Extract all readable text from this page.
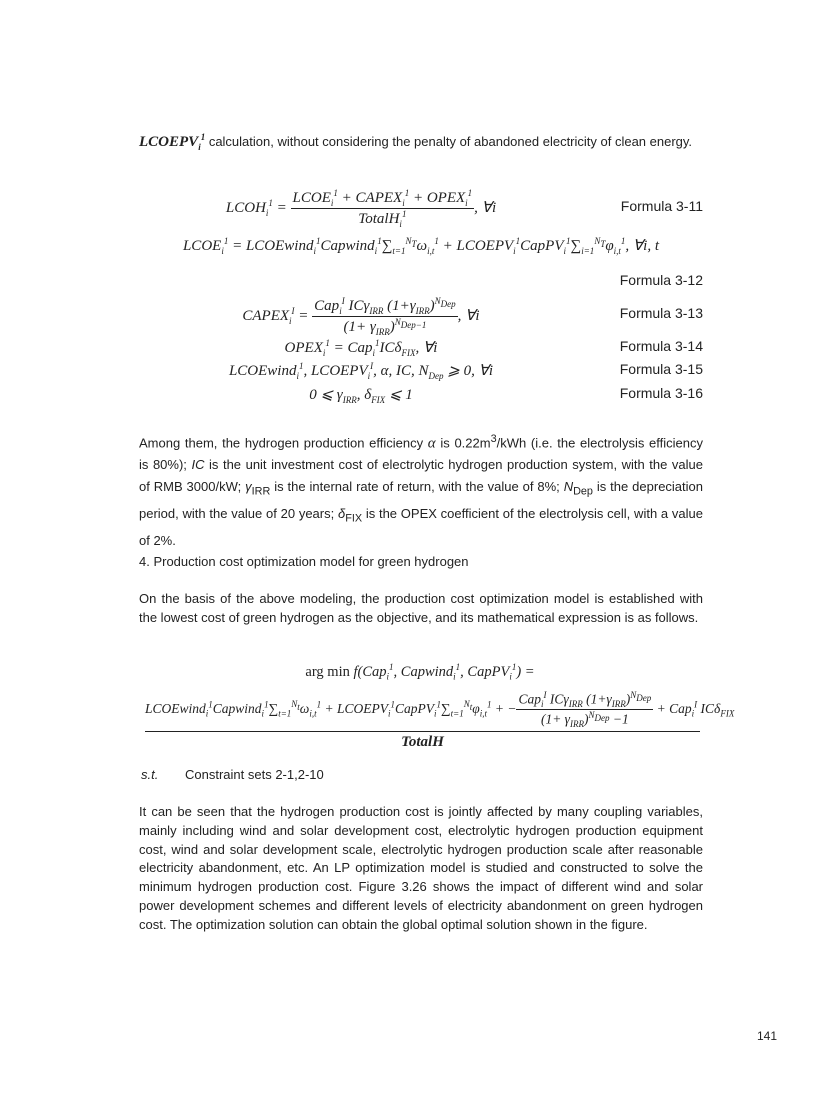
$LCOEPV_i^1$ calculation, without considering the penalty of abandoned electricity of clean energy.
$LCOH_i^1 = \frac{LCOE_i^1 + CAPEX_i^1 + OPEX_i^1}{TotalH_i^1}$ , ∀i	Formula 3-11
$LCOE_i^1$ = $LCOEwind_i^1Capwind_i^1\sum_{t=1}^{N_T}\omega_{i,t}^1$ + $LCOEPV_i^1CapPV_i^1\sum_{i=1}^{N_T}\varphi_{i,t}^1$, ∀i, t
Formula 3-12
$CAPEX_i^I = \frac{Cap_i^I IC\gamma_{IRR} (1+\gamma_{IRR})^{N_{Dep}}}{(1+ \gamma_{IRR})^{N_{Dep-1}}}$ , ∀i	Formula 3-13
$OPEX_i^1 = Cap_i^1IC\delta_{FIX}$, ∀i	Formula 3-14
LCOEwind$_i^1$, $LCOEPV_i^I$, α, IC, $N_{Dep}$ ⩾ 0, ∀i	Formula 3-15
0 ⩽ $\gamma_{IRR}$, $\delta_{FIX}$ ⩽ 1	Formula 3-16
Among them, the hydrogen production efficiency α is $0.22m^3$/kWh (i.e. the electrolysis efficiency is 80%); IC is the unit investment cost of electrolytic hydrogen production system, with the value of RMB 3000/kW; $\gamma_{IRR}$ is the internal rate of return, with the value of 8%; $N_{Dep}$ is the depreciation period, with the value of 20 years; $\delta_{FIX}$ is the OPEX coefficient of the electrolysis cell, with a value of 2%.
4. Production cost optimization model for green hydrogen
On the basis of the above modeling, the production cost optimization model is established with the lowest cost of green hydrogen as the objective, and its mathematical expression is as follows.
arg min f(Cap$_i^1$, Capwind$_i^1$, CapPV$_i^1$) =
$LCOEwind_i^1Capwind_i^1\sum_{t=1}^{N_t}\omega_{i,t}^1$ + $LCOEPV_i^1CapPV_i^1\sum_{t=1}^{N_t}\varphi_{i,t}^1$ + − $\frac{Cap_i^I IC\gamma_{IRR} (1+\gamma_{IRR})^{N_{Dep}}}{(1+ \gamma_{IRR})^{N_{Dep}} -1} + Cap_i^I$ ICδ$_{FIX}$
TotalH
s.t. Constraint sets 2-1,2-10
It can be seen that the hydrogen production cost is jointly affected by many coupling variables, mainly including wind and solar development cost, electrolytic hydrogen production equipment cost, wind and solar development scale, electrolytic hydrogen production scale after reasonable electricity abandonment, etc. An LP optimization model is studied and constructed to solve the minimum hydrogen production cost. Figure 3.26 shows the impact of different wind and solar power development schemes and different levels of electricity abandonment on green hydrogen cost. The optimization solution can obtain the global optimal solution shown in the figure.
141
